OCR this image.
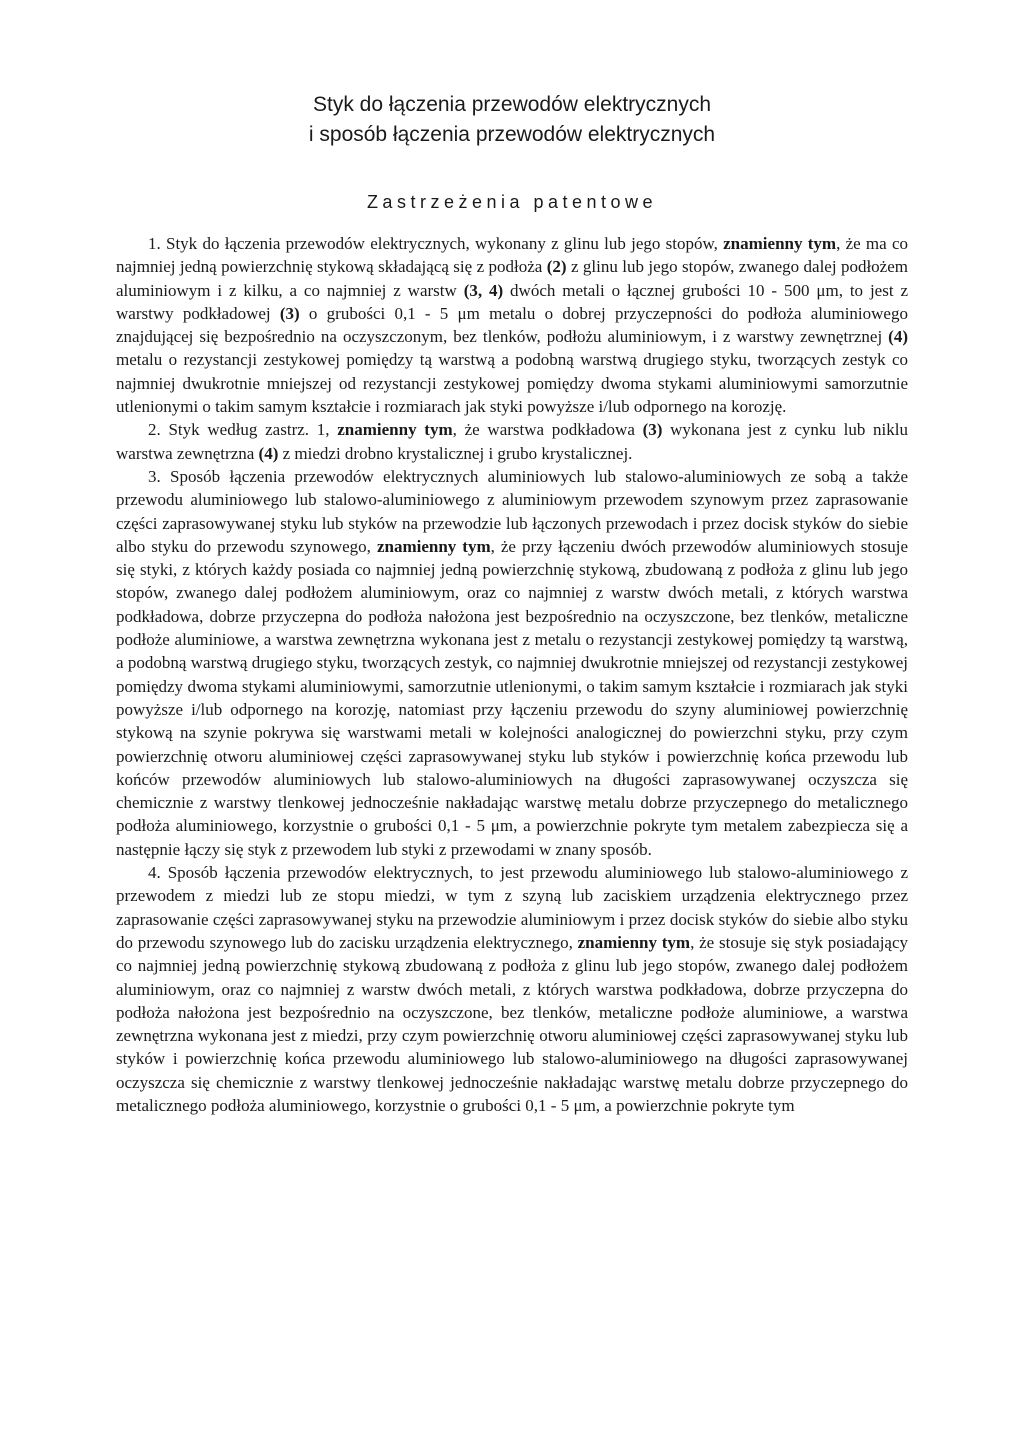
Styk do łączenia przewodów elektrycznych
i sposób łączenia przewodów elektrycznych
Zastrzeżenia patentowe

1. Styk do łączenia przewodów elektrycznych, wykonany z glinu lub jego stopów, znamienny tym, że ma co najmniej jedną powierzchnię stykową składającą się z podłoża (2) z glinu lub jego stopów, zwanego dalej podłożem aluminiowym i z kilku, a co najmniej z warstw (3, 4) dwóch metali o łącznej grubości 10 - 500 μm, to jest z warstwy podkładowej (3) o grubości 0,1 - 5 μm metalu o dobrej przyczepności do podłoża aluminiowego znajdującej się bezpośrednio na oczyszczonym, bez tlenków, podłożu aluminiowym, i z warstwy zewnętrznej (4) metalu o rezystancji zestykowej pomiędzy tą warstwą a podobną warstwą drugiego styku, tworzących zestyk co najmniej dwukrotnie mniejszej od rezystancji zestykowej pomiędzy dwoma stykami aluminiowymi samorzutnie utlenionymi o takim samym kształcie i rozmiarach jak styki powyższe i/lub odpornego na korozję.

2. Styk według zastrz. 1, znamienny tym, że warstwa podkładowa (3) wykonana jest z cynku lub niklu warstwa zewnętrzna (4) z miedzi drobno krystalicznej i grubo krystalicznej.

3. Sposób łączenia przewodów elektrycznych aluminiowych lub stalowo-aluminiowych ze sobą a także przewodu aluminiowego lub stalowo-aluminiowego z aluminiowym przewodem szynowym przez zaprasowanie części zaprasowywanej styku lub styków na przewodzie lub łączonych przewodach i przez docisk styków do siebie albo styku do przewodu szynowego, znamienny tym, że przy łączeniu dwóch przewodów aluminiowych stosuje się styki, z których każdy posiada co najmniej jedną powierzchnię stykową, zbudowaną z podłoża z glinu lub jego stopów, zwanego dalej podłożem aluminiowym, oraz co najmniej z warstw dwóch metali, z których warstwa podkładowa, dobrze przyczepna do podłoża nałożona jest bezpośrednio na oczyszczone, bez tlenków, metaliczne podłoże aluminiowe, a warstwa zewnętrzna wykonana jest z metalu o rezystancji zestykowej pomiędzy tą warstwą, a podobną warstwą drugiego styku, tworzących zestyk, co najmniej dwukrotnie mniejszej od rezystancji zestykowej pomiędzy dwoma stykami aluminiowymi, samorzutnie utlenionymi, o takim samym kształcie i rozmiarach jak styki powyższe i/lub odpornego na korozję, natomiast przy łączeniu przewodu do szyny aluminiowej powierzchnię stykową na szynie pokrywa się warstwami metali w kolejności analogicznej do powierzchni styku, przy czym powierzchnię otworu aluminiowej części zaprasowywanej styku lub styków i powierzchnię końca przewodu lub końców przewodów aluminiowych lub stalowo-aluminiowych na długości zaprasowywanej oczyszcza się chemicznie z warstwy tlenkowej jednocześnie nakładając warstwę metalu dobrze przyczepnego do metalicznego podłoża aluminiowego, korzystnie o grubości 0,1 - 5 μm, a powierzchnie pokryte tym metalem zabezpiecza się a następnie łączy się styk z przewodem lub styki z przewodami w znany sposób.

4. Sposób łączenia przewodów elektrycznych, to jest przewodu aluminiowego lub stalowo-aluminiowego z przewodem z miedzi lub ze stopu miedzi, w tym z szyną lub zaciskiem urządzenia elektrycznego przez zaprasowanie części zaprasowywanej styku na przewodzie aluminiowym i przez docisk styków do siebie albo styku do przewodu szynowego lub do zacisku urządzenia elektrycznego, znamienny tym, że stosuje się styk posiadający co najmniej jedną powierzchnię stykową zbudowaną z podłoża z glinu lub jego stopów, zwanego dalej podłożem aluminiowym, oraz co najmniej z warstw dwóch metali, z których warstwa podkładowa, dobrze przyczepna do podłoża nałożona jest bezpośrednio na oczyszczone, bez tlenków, metaliczne podłoże aluminiowe, a warstwa zewnętrzna wykonana jest z miedzi, przy czym powierzchnię otworu aluminiowej części zaprasowywanej styku lub styków i powierzchnię końca przewodu aluminiowego lub stalowo-aluminiowego na długości zaprasowywanej oczyszcza się chemicznie z warstwy tlenkowej jednocześnie nakładając warstwę metalu dobrze przyczepnego do metalicznego podłoża aluminiowego, korzystnie o grubości 0,1 - 5 μm, a powierzchnie pokryte tym
